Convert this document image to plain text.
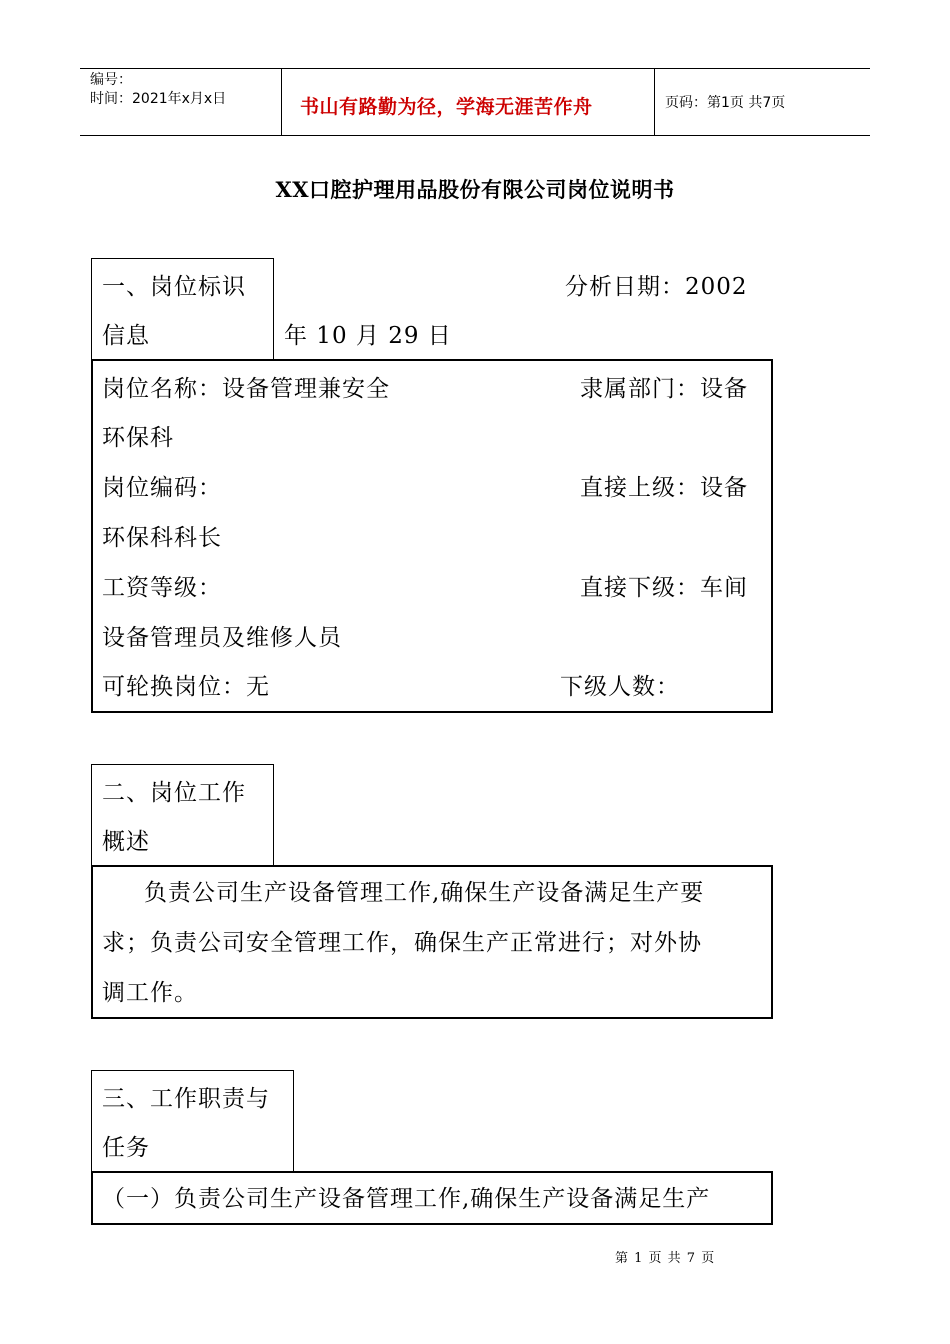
编号：
时间：2021年x月x日	书山有路勤为径，学海无涯苦作舟	页码：第1页 共7页
XX口腔护理用品股份有限公司岗位说明书
一、岗位标识
信息
分析日期：2002
年 10 月 29 日
岗位名称：设备管理兼安全	隶属部门：设备
环保科
岗位编码：	直接上级：设备
环保科科长
工资等级：	直接下级：车间
设备管理员及维修人员
可轮换岗位：无	下级人数：
二、岗位工作
概述
负责公司生产设备管理工作,确保生产设备满足生产要
求；负责公司安全管理工作，确保生产正常进行；对外协
调工作。
三、工作职责与
任务
（一）负责公司生产设备管理工作,确保生产设备满足生产
第 1 页 共 7 页
